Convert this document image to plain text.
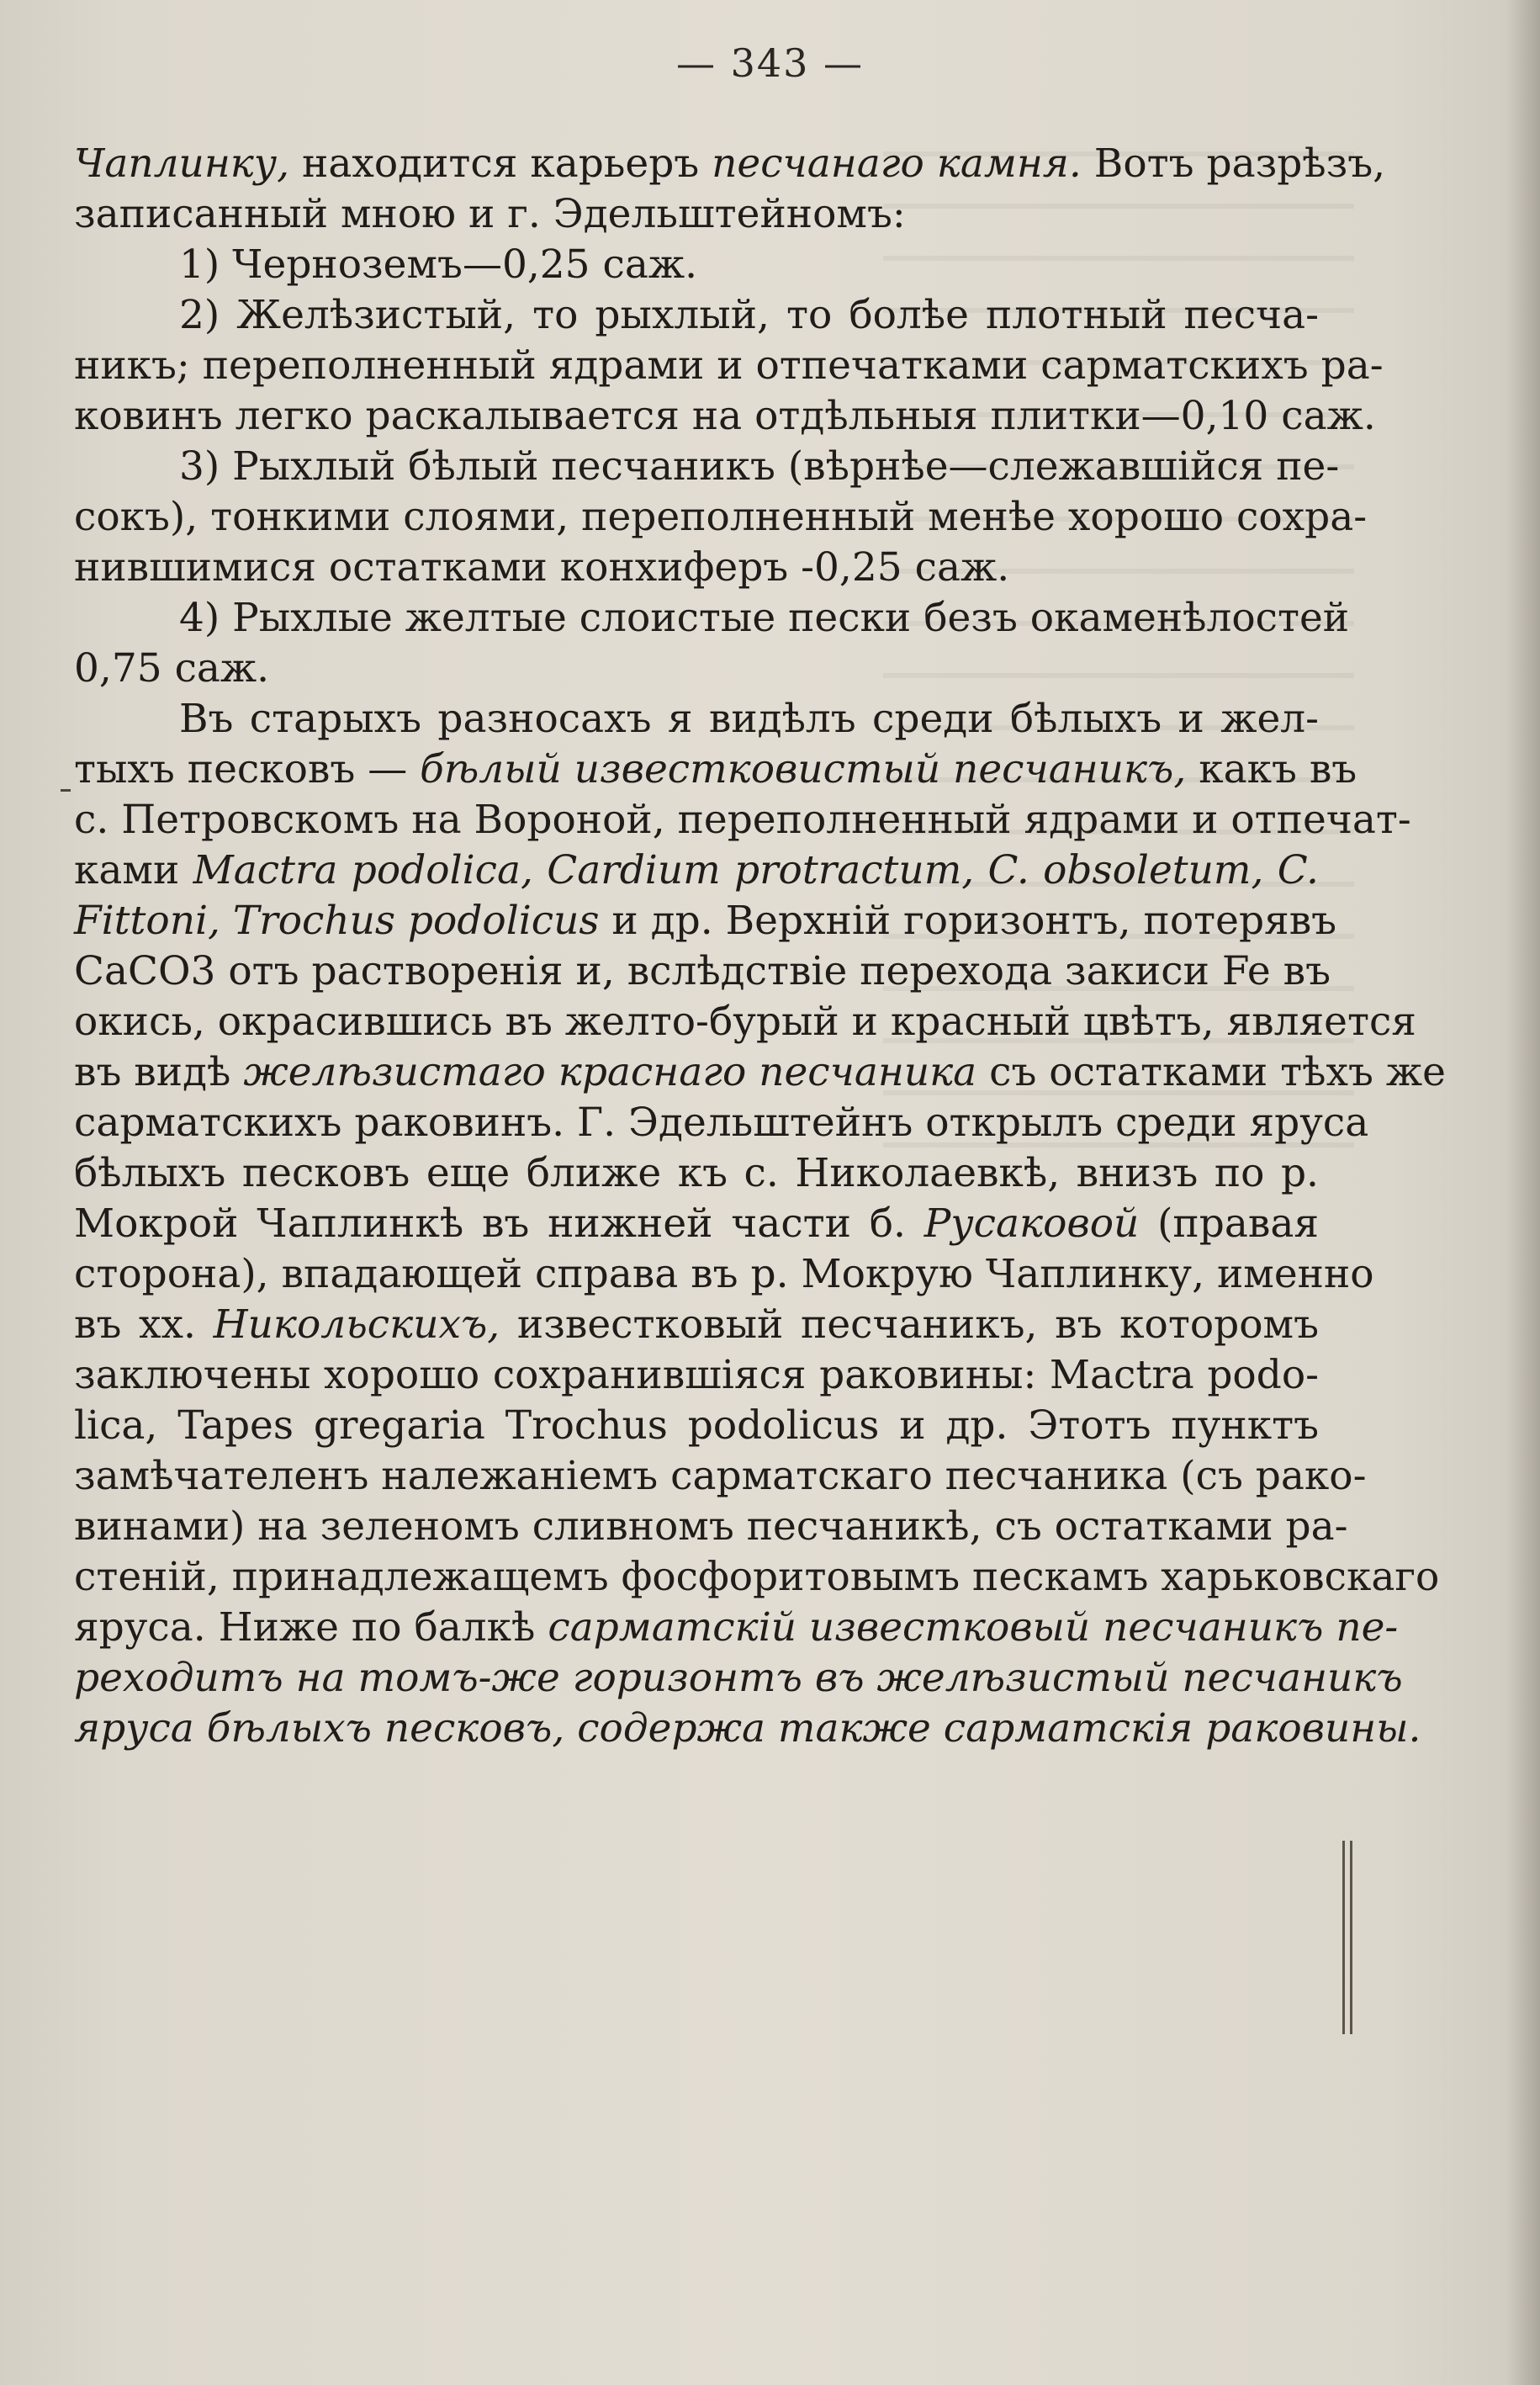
— 343 —
Чаплинку, находится карьеръ песчанаго камня. Вотъ разрѣзъ,
записанный мною и г. Эдельштейномъ:
1) Черноземъ—0,25 саж.
2) Желѣзистый, то рыхлый, то болѣе плотный песча-
никъ; переполненный ядрами и отпечатками сарматскихъ ра-
ковинъ легко раскалывается на отдѣльныя плитки—0,10 саж.
3) Рыхлый бѣлый песчаникъ (вѣрнѣе—слежавшійся пе-
сокъ), тонкими слоями, переполненный менѣе хорошо сохра-
нившимися остатками конхиферъ -0,25 саж.
4) Рыхлые желтые слоистые пески безъ окаменѣлостей
0,75 саж.
Въ старыхъ разносахъ я видѣлъ среди бѣлыхъ и жел-
тыхъ песковъ — бѣлый известковистый песчаникъ, какъ въ
с. Петровскомъ на Вороной, переполненный ядрами и отпечат-
ками Mactra podolica, Cardium protractum, C. obsoletum, C.
Fittoni, Trochus podolicus и др. Верхній горизонтъ, потерявъ
CaCO3 отъ растворенія и, вслѣдствіе перехода закиси Fe въ
окись, окрасившись въ желто-бурый и красный цвѣтъ, является
въ видѣ желѣзистаго краснаго песчаника съ остатками тѣхъ же
сарматскихъ раковинъ. Г. Эдельштейнъ открылъ среди яруса
бѣлыхъ песковъ еще ближе къ с. Николаевкѣ, внизъ по р.
Мокрой Чаплинкѣ въ нижней части б. Русаковой (правая
сторона), впадающей справа въ р. Мокрую Чаплинку, именно
въ хх. Никольскихъ, известковый песчаникъ, въ которомъ
заключены хорошо сохранившіяся раковины: Mactra podo-
lica, Tapes gregaria Trochus podolicus и др. Этотъ пунктъ
замѣчателенъ належаніемъ сарматскаго песчаника (съ рако-
винами) на зеленомъ сливномъ песчаникѣ, съ остатками ра-
стеній, принадлежащемъ фосфоритовымъ пескамъ харьковскаго
яруса. Ниже по балкѣ сарматскій известковый песчаникъ пе-
реходитъ на томъ-же горизонтъ въ желѣзистый песчаникъ
яруса бѣлыхъ песковъ, содержа также сарматскія раковины.
